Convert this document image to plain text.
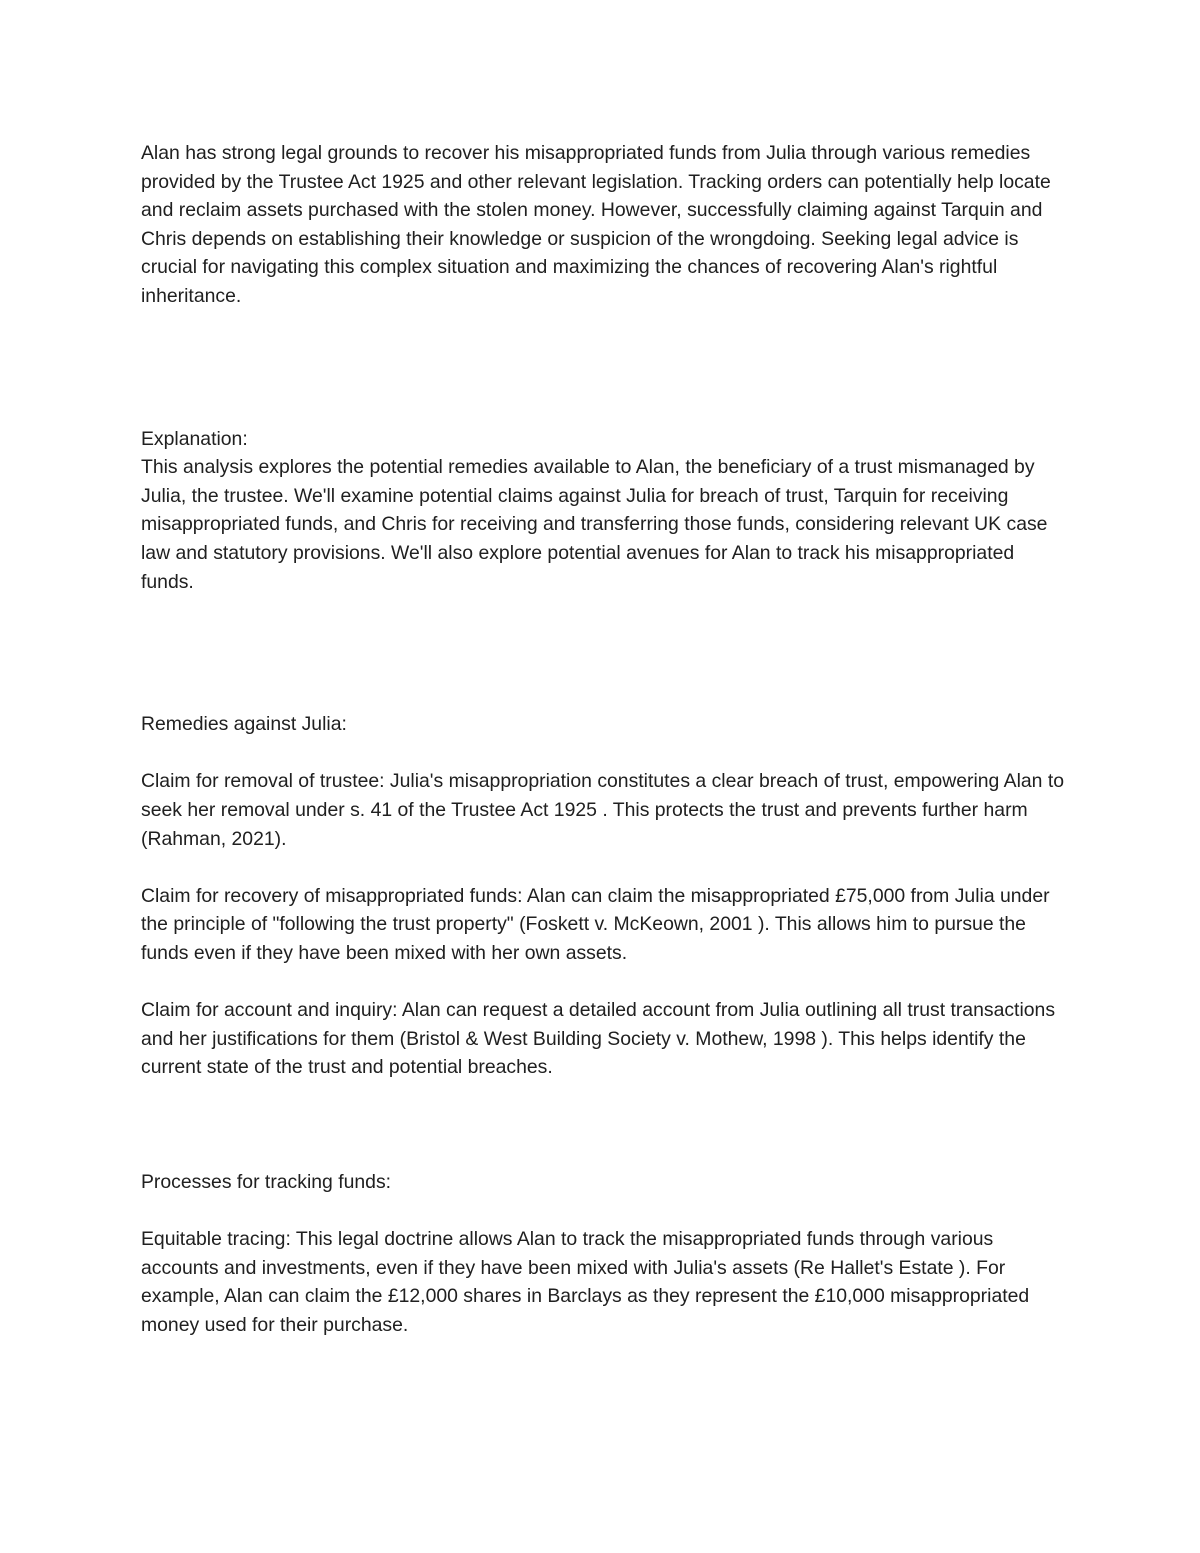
Alan has strong legal grounds to recover his misappropriated funds from Julia through various remedies provided by the Trustee Act 1925 and other relevant legislation. Tracking orders can potentially help locate and reclaim assets purchased with the stolen money. However, successfully claiming against Tarquin and Chris depends on establishing their knowledge or suspicion of the wrongdoing. Seeking legal advice is crucial for navigating this complex situation and maximizing the chances of recovering Alan's rightful inheritance.

Explanation:

This analysis explores the potential remedies available to Alan, the beneficiary of a trust mismanaged by Julia, the trustee. We'll examine potential claims against Julia for breach of trust, Tarquin for receiving misappropriated funds, and Chris for receiving and transferring those funds, considering relevant UK case law and statutory provisions. We'll also explore potential avenues for Alan to track his misappropriated funds.

Remedies against Julia:

Claim for removal of trustee: Julia's misappropriation constitutes a clear breach of trust, empowering Alan to seek her removal under s. 41 of the Trustee Act 1925 . This protects the trust and prevents further harm (Rahman, 2021).

Claim for recovery of misappropriated funds: Alan can claim the misappropriated £75,000 from Julia under the principle of "following the trust property" (Foskett v. McKeown, 2001 ). This allows him to pursue the funds even if they have been mixed with her own assets.

Claim for account and inquiry: Alan can request a detailed account from Julia outlining all trust transactions and her justifications for them (Bristol & West Building Society v. Mothew, 1998 ). This helps identify the current state of the trust and potential breaches.

Processes for tracking funds:

Equitable tracing: This legal doctrine allows Alan to track the misappropriated funds through various accounts and investments, even if they have been mixed with Julia's assets (Re Hallet's Estate ). For example, Alan can claim the £12,000 shares in Barclays as they represent the £10,000 misappropriated money used for their purchase.
